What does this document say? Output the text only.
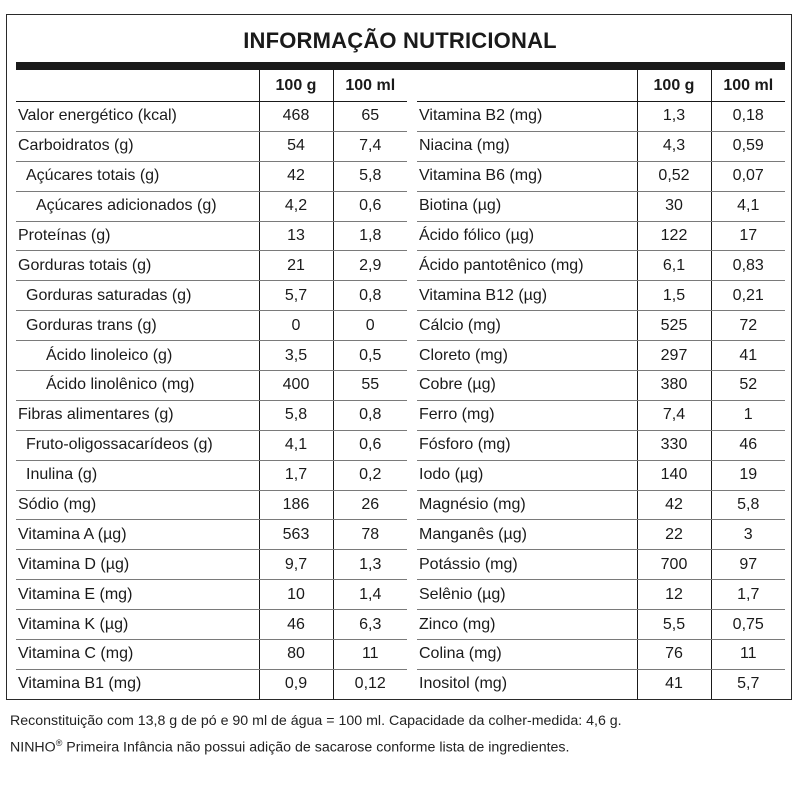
INFORMAÇÃO NUTRICIONAL
	100 g	100 ml
Valor energético (kcal)	468	65
Carboidratos (g)	54	7,4
Açúcares totais (g)	42	5,8
Açúcares adicionados (g)	4,2	0,6
Proteínas (g)	13	1,8
Gorduras totais (g)	21	2,9
Gorduras saturadas (g)	5,7	0,8
Gorduras trans (g)	0	0
Ácido linoleico (g)	3,5	0,5
Ácido linolênico (mg)	400	55
Fibras alimentares (g)	5,8	0,8
Fruto-oligossacarídeos (g)	4,1	0,6
Inulina (g)	1,7	0,2
Sódio (mg)	186	26
Vitamina A (µg)	563	78
Vitamina D (µg)	9,7	1,3
Vitamina E (mg)	10	1,4
Vitamina K (µg)	46	6,3
Vitamina C (mg)	80	11
Vitamina B1 (mg)	0,9	0,12
	100 g	100 ml
Vitamina B2 (mg)	1,3	0,18
Niacina (mg)	4,3	0,59
Vitamina B6 (mg)	0,52	0,07
Biotina (µg)	30	4,1
Ácido fólico (µg)	122	17
Ácido pantotênico (mg)	6,1	0,83
Vitamina B12 (µg)	1,5	0,21
Cálcio (mg)	525	72
Cloreto (mg)	297	41
Cobre (µg)	380	52
Ferro (mg)	7,4	1
Fósforo (mg)	330	46
Iodo (µg)	140	19
Magnésio (mg)	42	5,8
Manganês (µg)	22	3
Potássio (mg)	700	97
Selênio (µg)	12	1,7
Zinco (mg)	5,5	0,75
Colina (mg)	76	11
Inositol (mg)	41	5,7
Reconstituição com 13,8 g de pó e 90 ml de água = 100 ml. Capacidade da colher-medida: 4,6 g.
NINHO® Primeira Infância não possui adição de sacarose conforme lista de ingredientes.
